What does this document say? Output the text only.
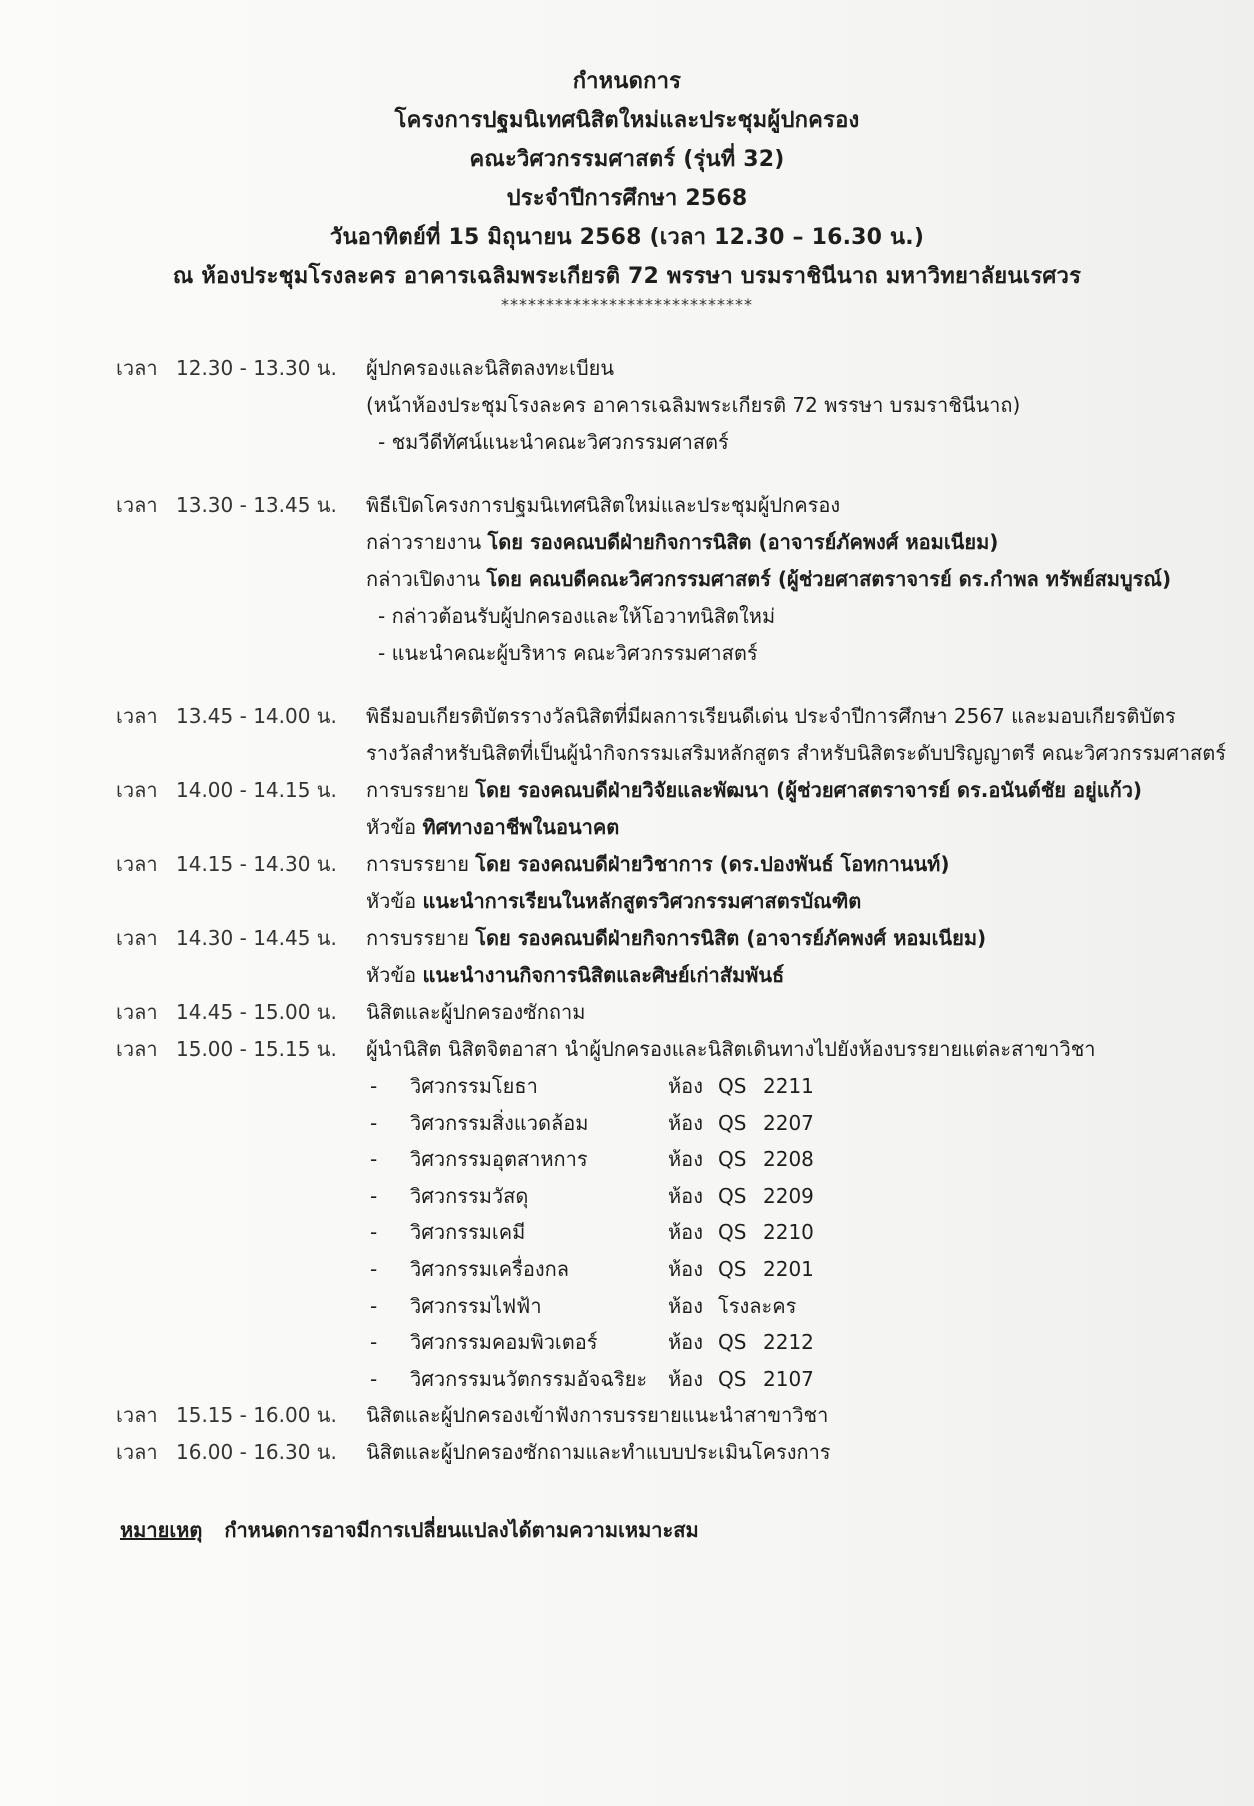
กำหนดการ
โครงการปฐมนิเทศนิสิตใหม่และประชุมผู้ปกครอง
คณะวิศวกรรมศาสตร์ (รุ่นที่ 32)
ประจำปีการศึกษา 2568
วันอาทิตย์ที่ 15 มิถุนายน 2568 (เวลา 12.30 – 16.30 น.)
ณ ห้องประชุมโรงละคร อาคารเฉลิมพระเกียรติ 72 พรรษา บรมราชินีนาถ มหาวิทยาลัยนเรศวร
****************************
เวลา 12.30 - 13.30 น.	ผู้ปกครองและนิสิตลงทะเบียน
(หน้าห้องประชุมโรงละคร อาคารเฉลิมพระเกียรติ 72 พรรษา บรมราชินีนาถ)
- ชมวีดีทัศน์แนะนำคณะวิศวกรรมศาสตร์
เวลา 13.30 - 13.45 น.	พิธีเปิดโครงการปฐมนิเทศนิสิตใหม่และประชุมผู้ปกครอง
กล่าวรายงาน โดย รองคณบดีฝ่ายกิจการนิสิต (อาจารย์ภัคพงศ์ หอมเนียม)
กล่าวเปิดงาน โดย คณบดีคณะวิศวกรรมศาสตร์ (ผู้ช่วยศาสตราจารย์ ดร.กำพล ทรัพย์สมบูรณ์)
- กล่าวต้อนรับผู้ปกครองและให้โอวาทนิสิตใหม่
- แนะนำคณะผู้บริหาร คณะวิศวกรรมศาสตร์
เวลา 13.45 - 14.00 น.	พิธีมอบเกียรติบัตรรางวัลนิสิตที่มีผลการเรียนดีเด่น ประจำปีการศึกษา 2567 และมอบเกียรติบัตร
รางวัลสำหรับนิสิตที่เป็นผู้นำกิจกรรมเสริมหลักสูตร สำหรับนิสิตระดับปริญญาตรี คณะวิศวกรรมศาสตร์
เวลา 14.00 - 14.15 น.	การบรรยาย โดย รองคณบดีฝ่ายวิจัยและพัฒนา (ผู้ช่วยศาสตราจารย์ ดร.อนันต์ชัย อยู่แก้ว)
หัวข้อ ทิศทางอาชีพในอนาคต
เวลา 14.15 - 14.30 น.	การบรรยาย โดย รองคณบดีฝ่ายวิชาการ (ดร.ปองพันธ์ โอทกานนท์)
หัวข้อ แนะนำการเรียนในหลักสูตรวิศวกรรมศาสตรบัณฑิต
เวลา 14.30 - 14.45 น.	การบรรยาย โดย รองคณบดีฝ่ายกิจการนิสิต (อาจารย์ภัคพงศ์ หอมเนียม)
หัวข้อ แนะนำงานกิจการนิสิตและศิษย์เก่าสัมพันธ์
เวลา 14.45 - 15.00 น.	นิสิตและผู้ปกครองซักถาม
เวลา 15.00 - 15.15 น.	ผู้นำนิสิต นิสิตจิตอาสา นำผู้ปกครองและนิสิตเดินทางไปยังห้องบรรยายแต่ละสาขาวิชา
-	วิศวกรรมโยธา	ห้อง QS 2211
-	วิศวกรรมสิ่งแวดล้อม	ห้อง QS 2207
-	วิศวกรรมอุตสาหการ	ห้อง QS 2208
-	วิศวกรรมวัสดุ	ห้อง QS 2209
-	วิศวกรรมเคมี	ห้อง QS 2210
-	วิศวกรรมเครื่องกล	ห้อง QS 2201
-	วิศวกรรมไฟฟ้า	ห้อง โรงละคร
-	วิศวกรรมคอมพิวเตอร์	ห้อง QS 2212
-	วิศวกรรมนวัตกรรมอัจฉริยะ	ห้อง QS 2107
เวลา 15.15 - 16.00 น.	นิสิตและผู้ปกครองเข้าฟังการบรรยายแนะนำสาขาวิชา
เวลา 16.00 - 16.30 น.	นิสิตและผู้ปกครองซักถามและทำแบบประเมินโครงการ
หมายเหตุ กำหนดการอาจมีการเปลี่ยนแปลงได้ตามความเหมาะสม
